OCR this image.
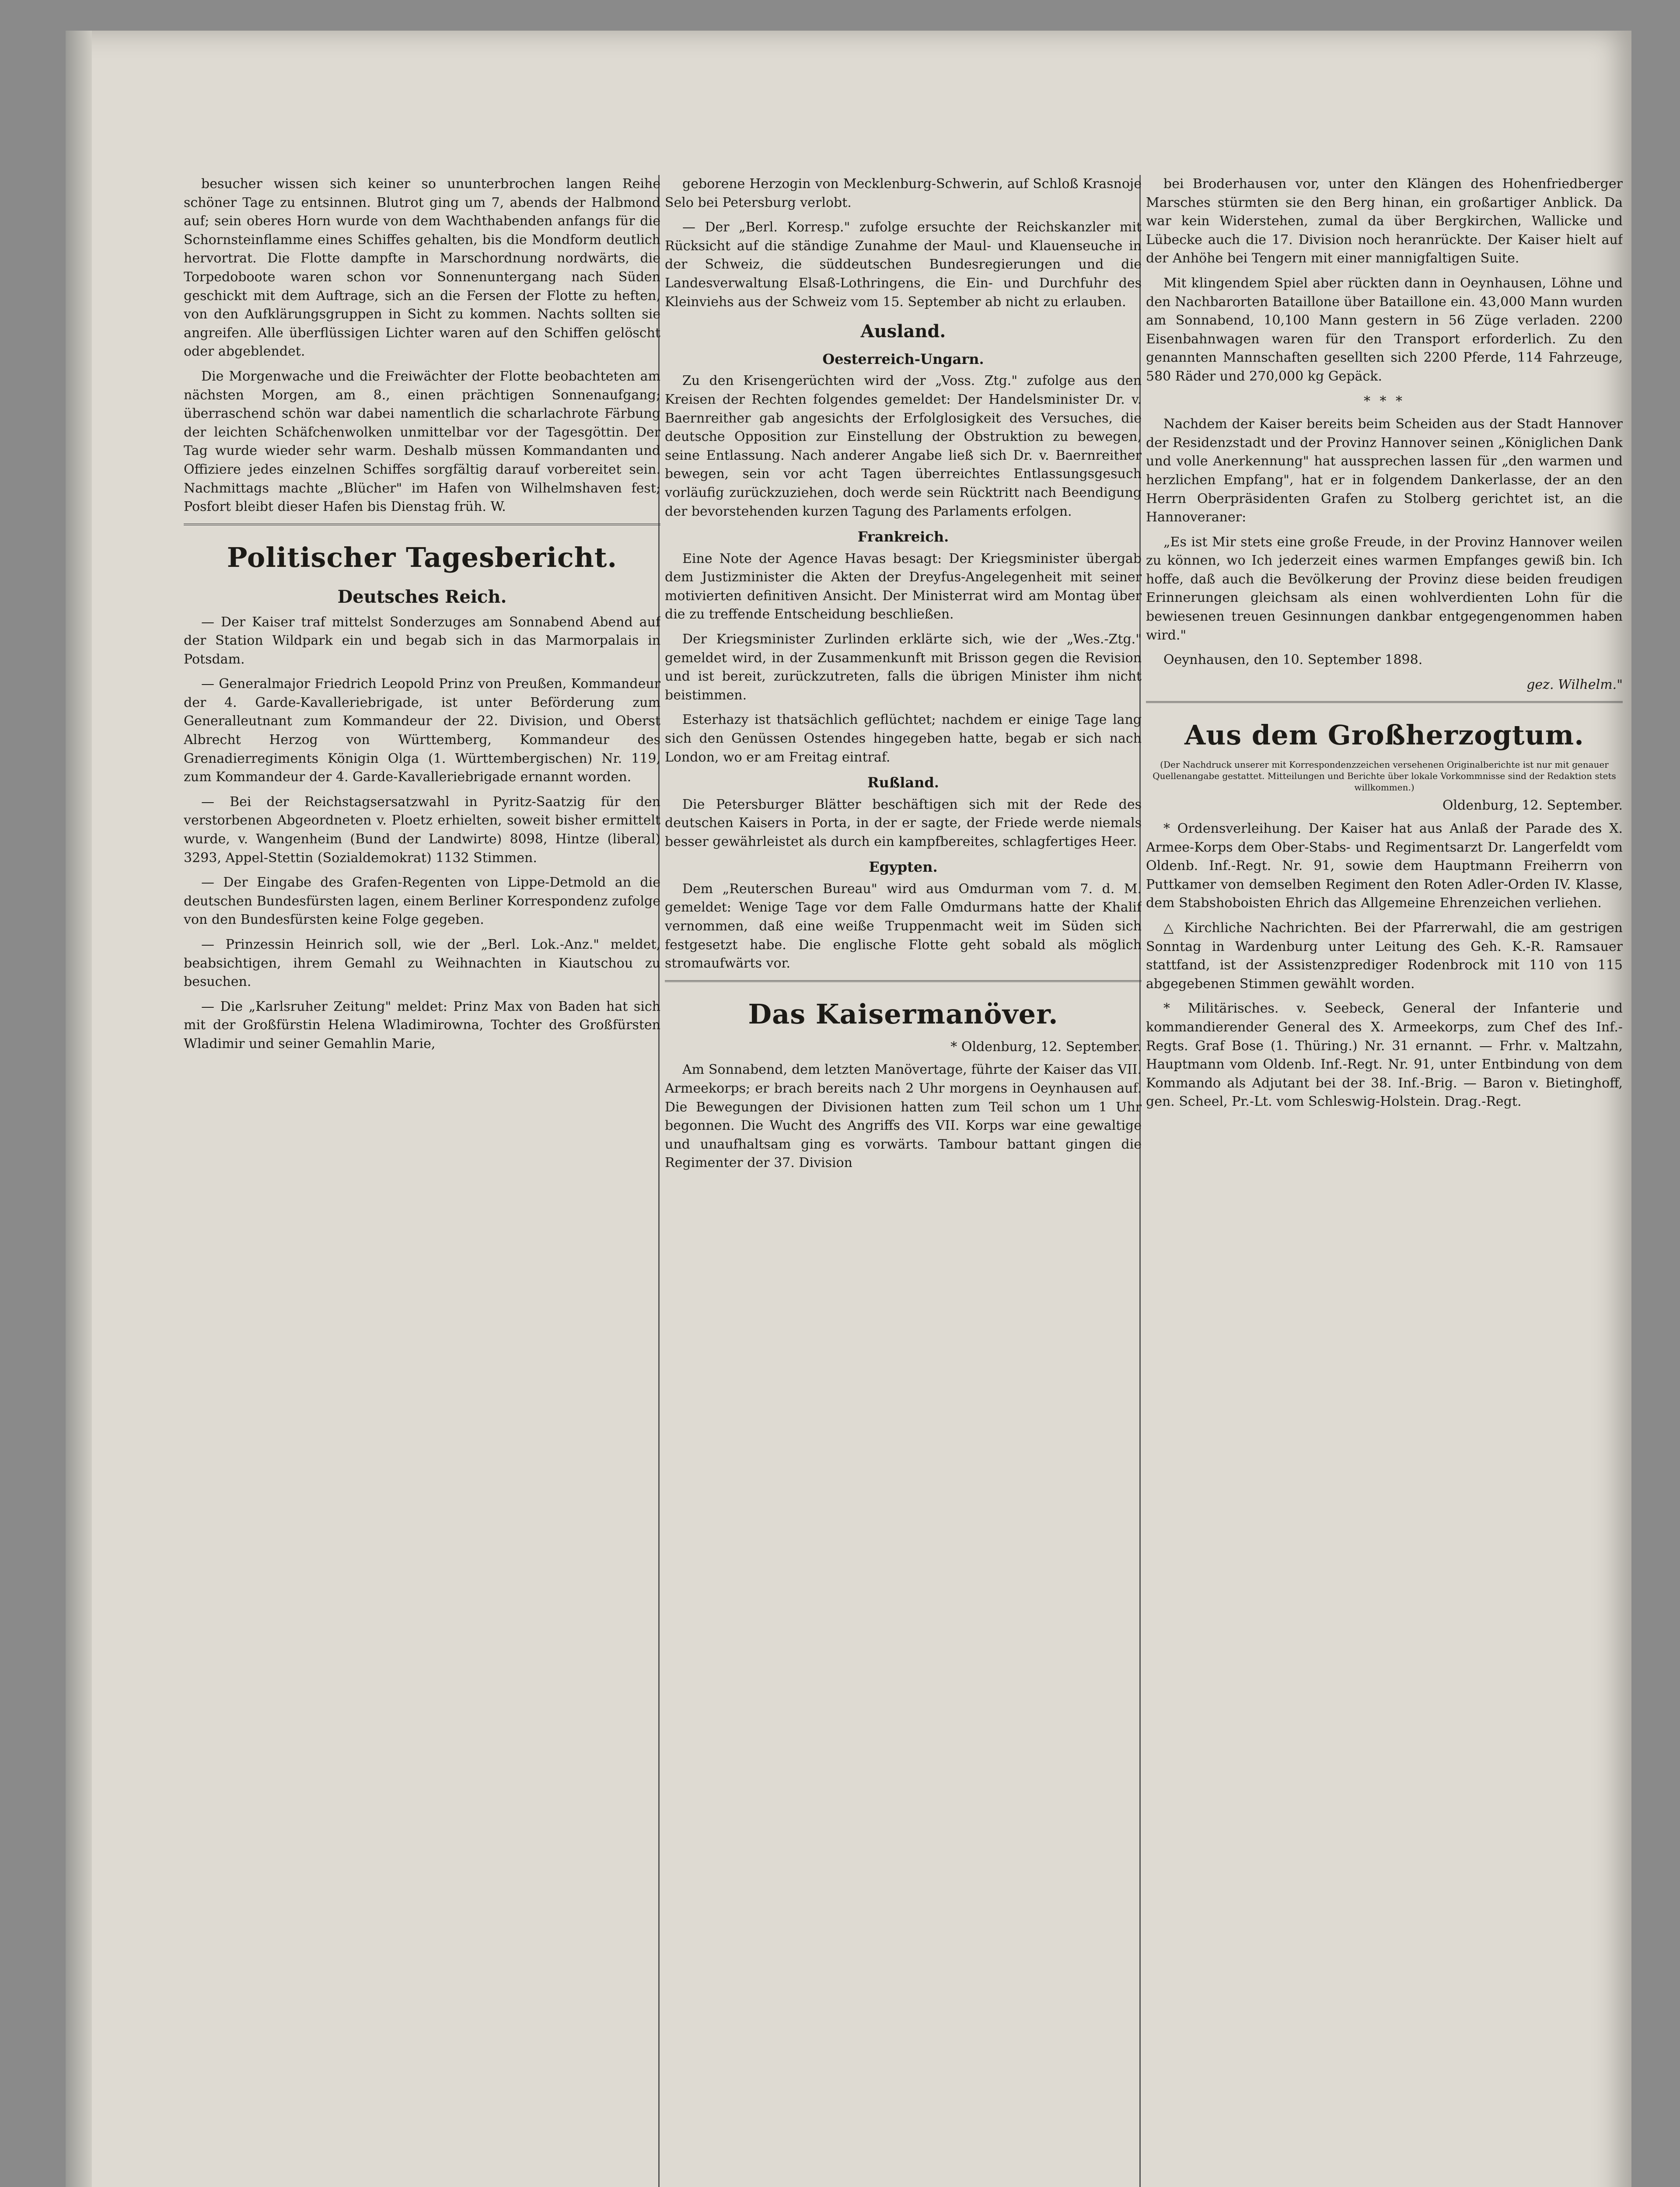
besucher wissen sich keiner so ununterbrochen langen Reihe schöner Tage zu entsinnen. Blutrot ging um 7, abends der Halbmond auf; sein oberes Horn wurde von dem Wachthabenden anfangs für die Schornsteinflamme eines Schiffes gehalten, bis die Mondform deutlich hervortrat. Die Flotte dampfte in Marschordnung nordwärts, die Torpedoboote waren schon vor Sonnenuntergang nach Süden geschickt mit dem Auftrage, sich an die Fersen der Flotte zu heften, von den Aufklärungsgruppen in Sicht zu kommen. Nachts sollten sie angreifen. Alle überflüssigen Lichter waren auf den Schiffen gelöscht oder abgeblendet.

Die Morgenwache und die Freiwächter der Flotte beobachteten am nächsten Morgen, am 8., einen prächtigen Sonnenaufgang; überraschend schön war dabei namentlich die scharlachrote Färbung der leichten Schäfchenwolken unmittelbar vor der Tagesgöttin. Der Tag wurde wieder sehr warm. Deshalb müssen Kommandanten und Offiziere jedes einzelnen Schiffes sorgfältig darauf vorbereitet sein. Nachmittags machte „Blücher" im Hafen von Wilhelmshaven fest; Posfort bleibt dieser Hafen bis Dienstag früh. W.

Politischer Tagesbericht.
Deutsches Reich.

— Der Kaiser traf mittelst Sonderzuges am Sonnabend Abend auf der Station Wildpark ein und begab sich in das Marmorpalais in Potsdam.

— Generalmajor Friedrich Leopold Prinz von Preußen, Kommandeur der 4. Garde-Kavalleriebrigade, ist unter Beförderung zum Generalleutnant zum Kommandeur der 22. Division, und Oberst Albrecht Herzog von Württemberg, Kommandeur des Grenadierregiments Königin Olga (1. Württembergischen) Nr. 119, zum Kommandeur der 4. Garde-Kavalleriebrigade ernannt worden.

— Bei der Reichstagsersatzwahl in Pyritz-Saatzig für den verstorbenen Abgeordneten v. Ploetz erhielten, soweit bisher ermittelt wurde, v. Wangenheim (Bund der Landwirte) 8098, Hintze (liberal) 3293, Appel-Stettin (Sozialdemokrat) 1132 Stimmen.

— Der Eingabe des Grafen-Regenten von Lippe-Detmold an die deutschen Bundesfürsten lagen, einem Berliner Korrespondenz zufolge von den Bundesfürsten keine Folge gegeben.

— Prinzessin Heinrich soll, wie der „Berl. Lok.-Anz." meldet, beabsichtigen, ihrem Gemahl zu Weihnachten in Kiautschou zu besuchen.

— Die „Karlsruher Zeitung" meldet: Prinz Max von Baden hat sich mit der Großfürstin Helena Wladimirowna, Tochter des Großfürsten Wladimir und seiner Gemahlin Marie,

geborene Herzogin von Mecklenburg-Schwerin, auf Schloß Krasnoje Selo bei Petersburg verlobt.

— Der „Berl. Korresp." zufolge ersuchte der Reichskanzler mit Rücksicht auf die ständige Zunahme der Maul- und Klauenseuche in der Schweiz, die süddeutschen Bundesregierungen und die Landesverwaltung Elsaß-Lothringens, die Ein- und Durchfuhr des Kleinviehs aus der Schweiz vom 15. September ab nicht zu erlauben.

Ausland.
Oesterreich-Ungarn.

Zu den Krisengerüchten wird der „Voss. Ztg." zufolge aus den Kreisen der Rechten folgendes gemeldet: Der Handelsminister Dr. v. Baernreither gab angesichts der Erfolglosigkeit des Versuches, die deutsche Opposition zur Einstellung der Obstruktion zu bewegen, seine Entlassung. Nach anderer Angabe ließ sich Dr. v. Baernreither bewegen, sein vor acht Tagen überreichtes Entlassungsgesuch vorläufig zurückzuziehen, doch werde sein Rücktritt nach Beendigung der bevorstehenden kurzen Tagung des Parlaments erfolgen.

Frankreich.

Eine Note der Agence Havas besagt: Der Kriegsminister übergab dem Justizminister die Akten der Dreyfus-Angelegenheit mit seiner motivierten definitiven Ansicht. Der Ministerrat wird am Montag über die zu treffende Entscheidung beschließen.

Der Kriegsminister Zurlinden erklärte sich, wie der „Wes.-Ztg." gemeldet wird, in der Zusammenkunft mit Brisson gegen die Revision und ist bereit, zurückzutreten, falls die übrigen Minister ihm nicht beistimmen.

Esterhazy ist thatsächlich geflüchtet; nachdem er einige Tage lang sich den Genüssen Ostendes hingegeben hatte, begab er sich nach London, wo er am Freitag eintraf.

Rußland.

Die Petersburger Blätter beschäftigen sich mit der Rede des deutschen Kaisers in Porta, in der er sagte, der Friede werde niemals besser gewährleistet als durch ein kampfbereites, schlagfertiges Heer.

Egypten.

Dem „Reuterschen Bureau" wird aus Omdurman vom 7. d. M. gemeldet: Wenige Tage vor dem Falle Omdurmans hatte der Khalif vernommen, daß eine weiße Truppenmacht weit im Süden sich festgesetzt habe. Die englische Flotte geht sobald als möglich stromaufwärts vor.

Das Kaisermanöver.
* Oldenburg, 12. September.

Am Sonnabend, dem letzten Manövertage, führte der Kaiser das VII. Armeekorps; er brach bereits nach 2 Uhr morgens in Oeynhausen auf. Die Bewegungen der Divisionen hatten zum Teil schon um 1 Uhr begonnen. Die Wucht des Angriffs des VII. Korps war eine gewaltige und unaufhaltsam ging es vorwärts. Tambour battant gingen die Regimenter der 37. Division

bei Broderhausen vor, unter den Klängen des Hohenfriedberger Marsches stürmten sie den Berg hinan, ein großartiger Anblick. Da war kein Widerstehen, zumal da über Bergkirchen, Wallicke und Lübecke auch die 17. Division noch heranrückte. Der Kaiser hielt auf der Anhöhe bei Tengern mit einer mannigfaltigen Suite.

Mit klingendem Spiel aber rückten dann in Oeynhausen, Löhne und den Nachbarorten Bataillone über Bataillone ein. 43,000 Mann wurden am Sonnabend, 10,100 Mann gestern in 56 Züge verladen. 2200 Eisenbahnwagen waren für den Transport erforderlich. Zu den genannten Mannschaften gesellten sich 2200 Pferde, 114 Fahrzeuge, 580 Räder und 270,000 kg Gepäck.

* * *

Nachdem der Kaiser bereits beim Scheiden aus der Stadt Hannover der Residenzstadt und der Provinz Hannover seinen „Königlichen Dank und volle Anerkennung" hat aussprechen lassen für „den warmen und herzlichen Empfang", hat er in folgendem Dankerlasse, der an den Herrn Oberpräsidenten Grafen zu Stolberg gerichtet ist, an die Hannoveraner:

„Es ist Mir stets eine große Freude, in der Provinz Hannover weilen zu können, wo Ich jederzeit eines warmen Empfanges gewiß bin. Ich hoffe, daß auch die Bevölkerung der Provinz diese beiden freudigen Erinnerungen gleichsam als einen wohlverdienten Lohn für die bewiesenen treuen Gesinnungen dankbar entgegengenommen haben wird."

Oeynhausen, den 10. September 1898.

gez. Wilhelm."
Aus dem Großherzogtum.
(Der Nachdruck unserer mit Korrespondenzzeichen versehenen Originalberichte ist nur mit genauer Quellenangabe gestattet. Mitteilungen und Berichte über lokale Vorkommnisse sind der Redaktion stets willkommen.)
Oldenburg, 12. September.

* Ordensverleihung. Der Kaiser hat aus Anlaß der Parade des X. Armee-Korps dem Ober-Stabs- und Regimentsarzt Dr. Langerfeldt vom Oldenb. Inf.-Regt. Nr. 91, sowie dem Hauptmann Freiherrn von Puttkamer von demselben Regiment den Roten Adler-Orden IV. Klasse, dem Stabshoboisten Ehrich das Allgemeine Ehrenzeichen verliehen.

△ Kirchliche Nachrichten. Bei der Pfarrerwahl, die am gestrigen Sonntag in Wardenburg unter Leitung des Geh. K.-R. Ramsauer stattfand, ist der Assistenzprediger Rodenbrock mit 110 von 115 abgegebenen Stimmen gewählt worden.

* Militärisches. v. Seebeck, General der Infanterie und kommandierender General des X. Armeekorps, zum Chef des Inf.-Regts. Graf Bose (1. Thüring.) Nr. 31 ernannt. — Frhr. v. Maltzahn, Hauptmann vom Oldenb. Inf.-Regt. Nr. 91, unter Entbindung von dem Kommando als Adjutant bei der 38. Inf.-Brig. — Baron v. Bietinghoff, gen. Scheel, Pr.-Lt. vom Schleswig-Holstein. Drag.-Regt.
